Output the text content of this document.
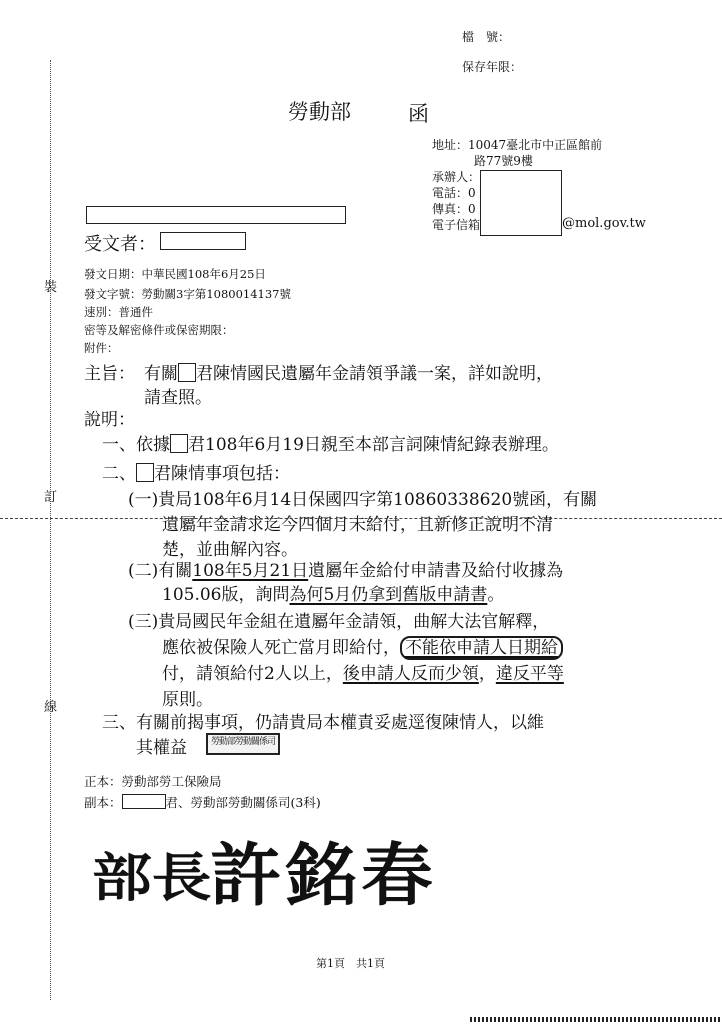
裝
訂
線
檔　號：
保存年限：
勞動部	函
地址：10047臺北市中正區館前
路77號9樓
承辦人：
電話：0
傳真：0
電子信箱	@mol.gov.tw
受文者：
發文日期：中華民國108年6月25日
發文字號：勞動關3字第1080014137號
速別：普通件
密等及解密條件或保密期限：
附件：
主旨： 有關 君陳情國民遺屬年金請領爭議一案，詳如說明，
請查照。
說明：
一、依據 君108年6月19日親至本部言詞陳情紀錄表辦理。
二、 君陳情事項包括：
(一)貴局108年6月14日保國四字第10860338620號函，有關
遺屬年金請求迄今四個月未給付，且新修正說明不清
楚，並曲解內容。
(二)有關108年5月21日遺屬年金給付申請書及給付收據為
105.06版，詢問為何5月仍拿到舊版申請書。
(三)貴局國民年金組在遺屬年金請領，曲解大法官解釋，
應依被保險人死亡當月即給付， 不能依申請人日期給
付，請領給付2人以上，後申請人反而少領，違反平等
原則。
三、有關前揭事項，仍請貴局本權責妥處逕復陳情人，以維
其權益	勞動部勞動關係司
正本：勞動部勞工保險局
副本：	君、勞動部勞動關係司(3科)
部長
許銘春
第1頁　共1頁
